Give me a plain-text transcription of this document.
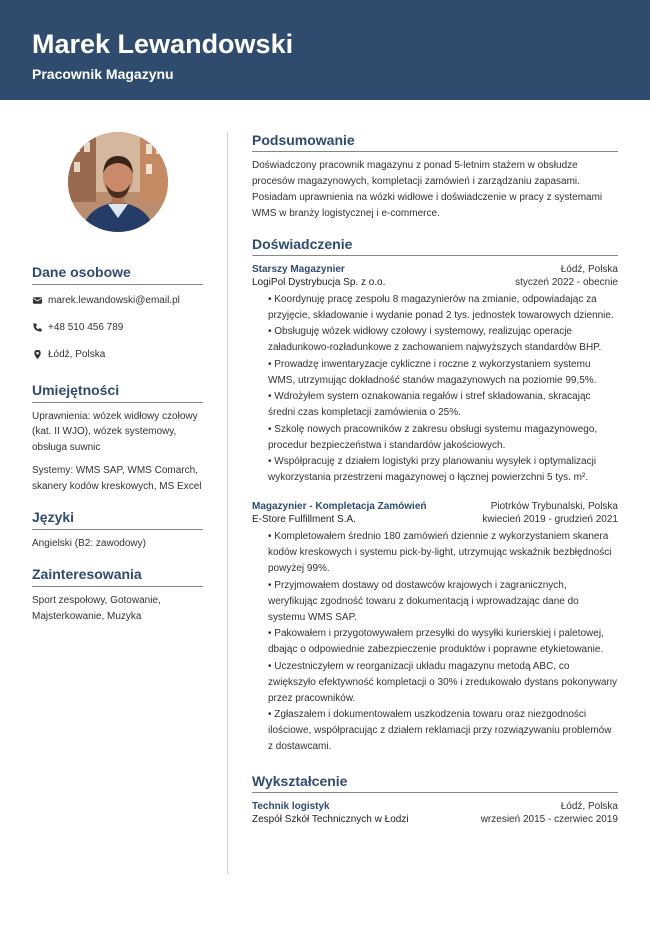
Marek Lewandowski
Pracownik Magazynu
Dane osobowe
marek.lewandowski@email.pl
+48 510 456 789
Łódź, Polska
Umiejętności
Uprawnienia: wózek widłowy czołowy (kat. II WJO), wózek systemowy, obsługa suwnic
Systemy: WMS SAP, WMS Comarch, skanery kodów kreskowych, MS Excel
Języki
Angielski (B2: zawodowy)
Zainteresowania
Sport zespołowy, Gotowanie, Majsterkowanie, Muzyka
Podsumowanie
Doświadczony pracownik magazynu z ponad 5-letnim stażem w obsłudze procesów magazynowych, kompletacji zamówień i zarządzaniu zapasami. Posiadam uprawnienia na wózki widłowe i doświadczenie w pracy z systemami WMS w branży logistycznej i e-commerce.
Doświadczenie
Starszy Magazynier
LogiPol Dystrybucja Sp. z o.o.
Łódź, Polska
styczeń 2022 - obecnie
• Koordynuję pracę zespołu 8 magazynierów na zmianie, odpowiadając za przyjęcie, składowanie i wydanie ponad 2 tys. jednostek towarowych dziennie.
• Obsługuję wózek widłowy czołowy i systemowy, realizując operacje załadunkowo-rozładunkowe z zachowaniem najwyższych standardów BHP.
• Prowadzę inwentaryzacje cykliczne i roczne z wykorzystaniem systemu WMS, utrzymując dokładność stanów magazynowych na poziomie 99,5%.
• Wdrożyłem system oznakowania regałów i stref składowania, skracając średni czas kompletacji zamówienia o 25%.
• Szkolę nowych pracowników z zakresu obsługi systemu magazynowego, procedur bezpieczeństwa i standardów jakościowych.
• Współpracuję z działem logistyki przy planowaniu wysyłek i optymalizacji wykorzystania przestrzeni magazynowej o łącznej powierzchni 5 tys. m².
Magazynier - Kompletacja Zamówień
E-Store Fulfillment S.A.
Piotrków Trybunalski, Polska
kwiecień 2019 - grudzień 2021
• Kompletowałem średnio 180 zamówień dziennie z wykorzystaniem skanera kodów kreskowych i systemu pick-by-light, utrzymując wskaźnik bezbłędności powyżej 99%.
• Przyjmowałem dostawy od dostawców krajowych i zagranicznych, weryfikując zgodność towaru z dokumentacją i wprowadzając dane do systemu WMS SAP.
• Pakowałem i przygotowywałem przesyłki do wysyłki kurierskiej i paletowej, dbając o odpowiednie zabezpieczenie produktów i poprawne etykietowanie.
• Uczestniczyłem w reorganizacji układu magazynu metodą ABC, co zwiększyło efektywność kompletacji o 30% i zredukowało dystans pokonywany przez pracowników.
• Zgłaszałem i dokumentowałem uszkodzenia towaru oraz niezgodności ilościowe, współpracując z działem reklamacji przy rozwiązywaniu problemów z dostawcami.
Wykształcenie
Technik logistyk
Zespół Szkół Technicznych w Łodzi
Łódź, Polska
wrzesień 2015 - czerwiec 2019
